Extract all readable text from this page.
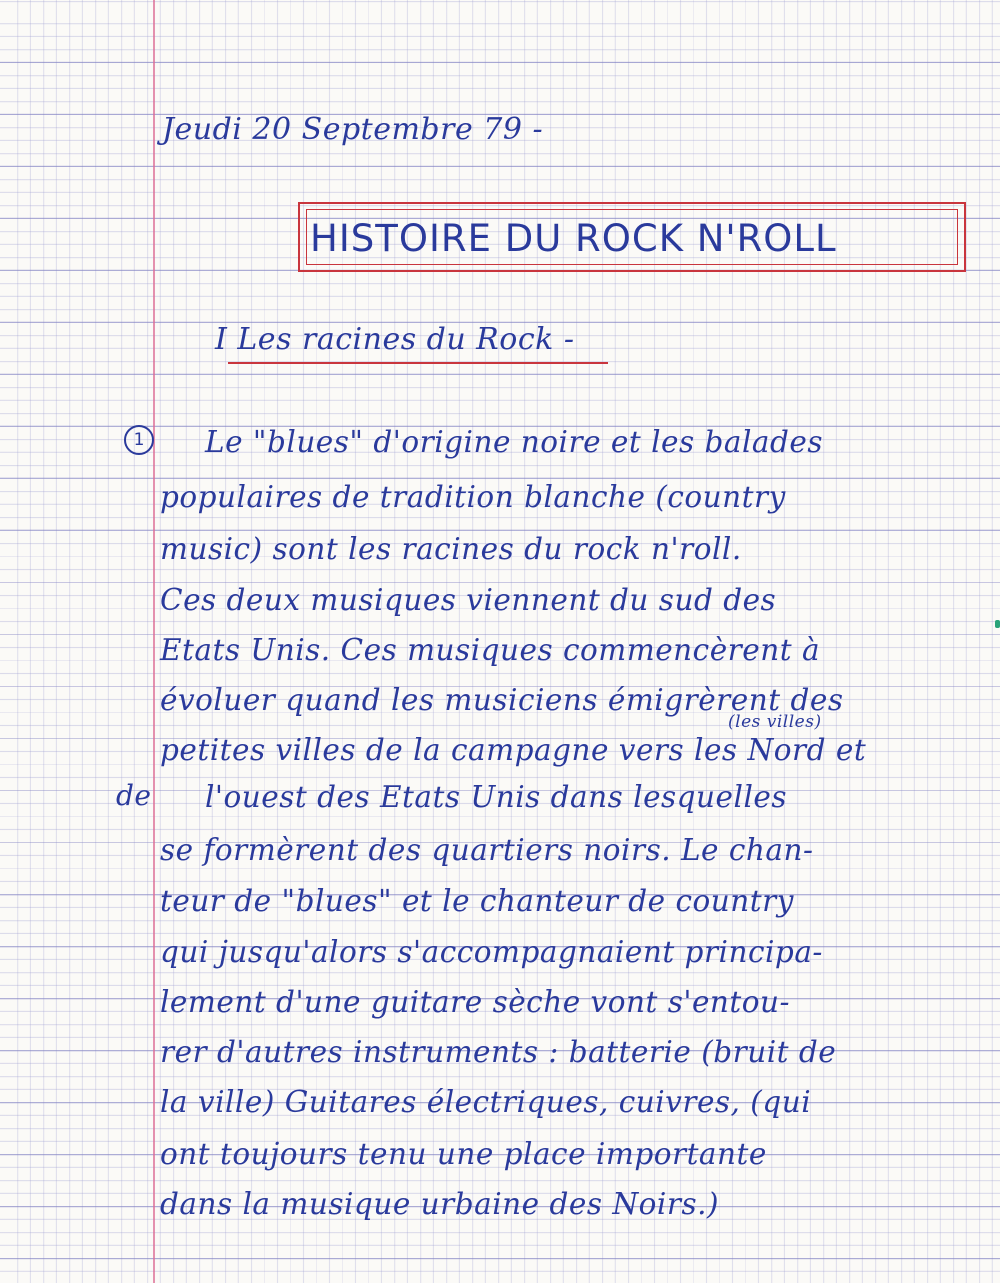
Jeudi 20 Septembre 79 -
HISTOIRE DU ROCK N'ROLL
I Les racines du Rock -
1	Le "blues" d'origine noire et les balades
populaires de tradition blanche (country
music) sont les racines du rock n'roll.
Ces deux musiques viennent du sud des
Etats Unis. Ces musiques commencèrent à
évoluer quand les musiciens émigrèrent des
(les villes)
petites villes de la campagne vers les Nord et
de l'ouest des Etats Unis dans lesquelles
se formèrent des quartiers noirs. Le chan-
teur de "blues" et le chanteur de country
qui jusqu'alors s'accompagnaient principa-
lement d'une guitare sèche vont s'entou-
rer d'autres instruments : batterie (bruit de
la ville) Guitares électriques, cuivres, (qui
ont toujours tenu une place importante
dans la musique urbaine des Noirs.)
